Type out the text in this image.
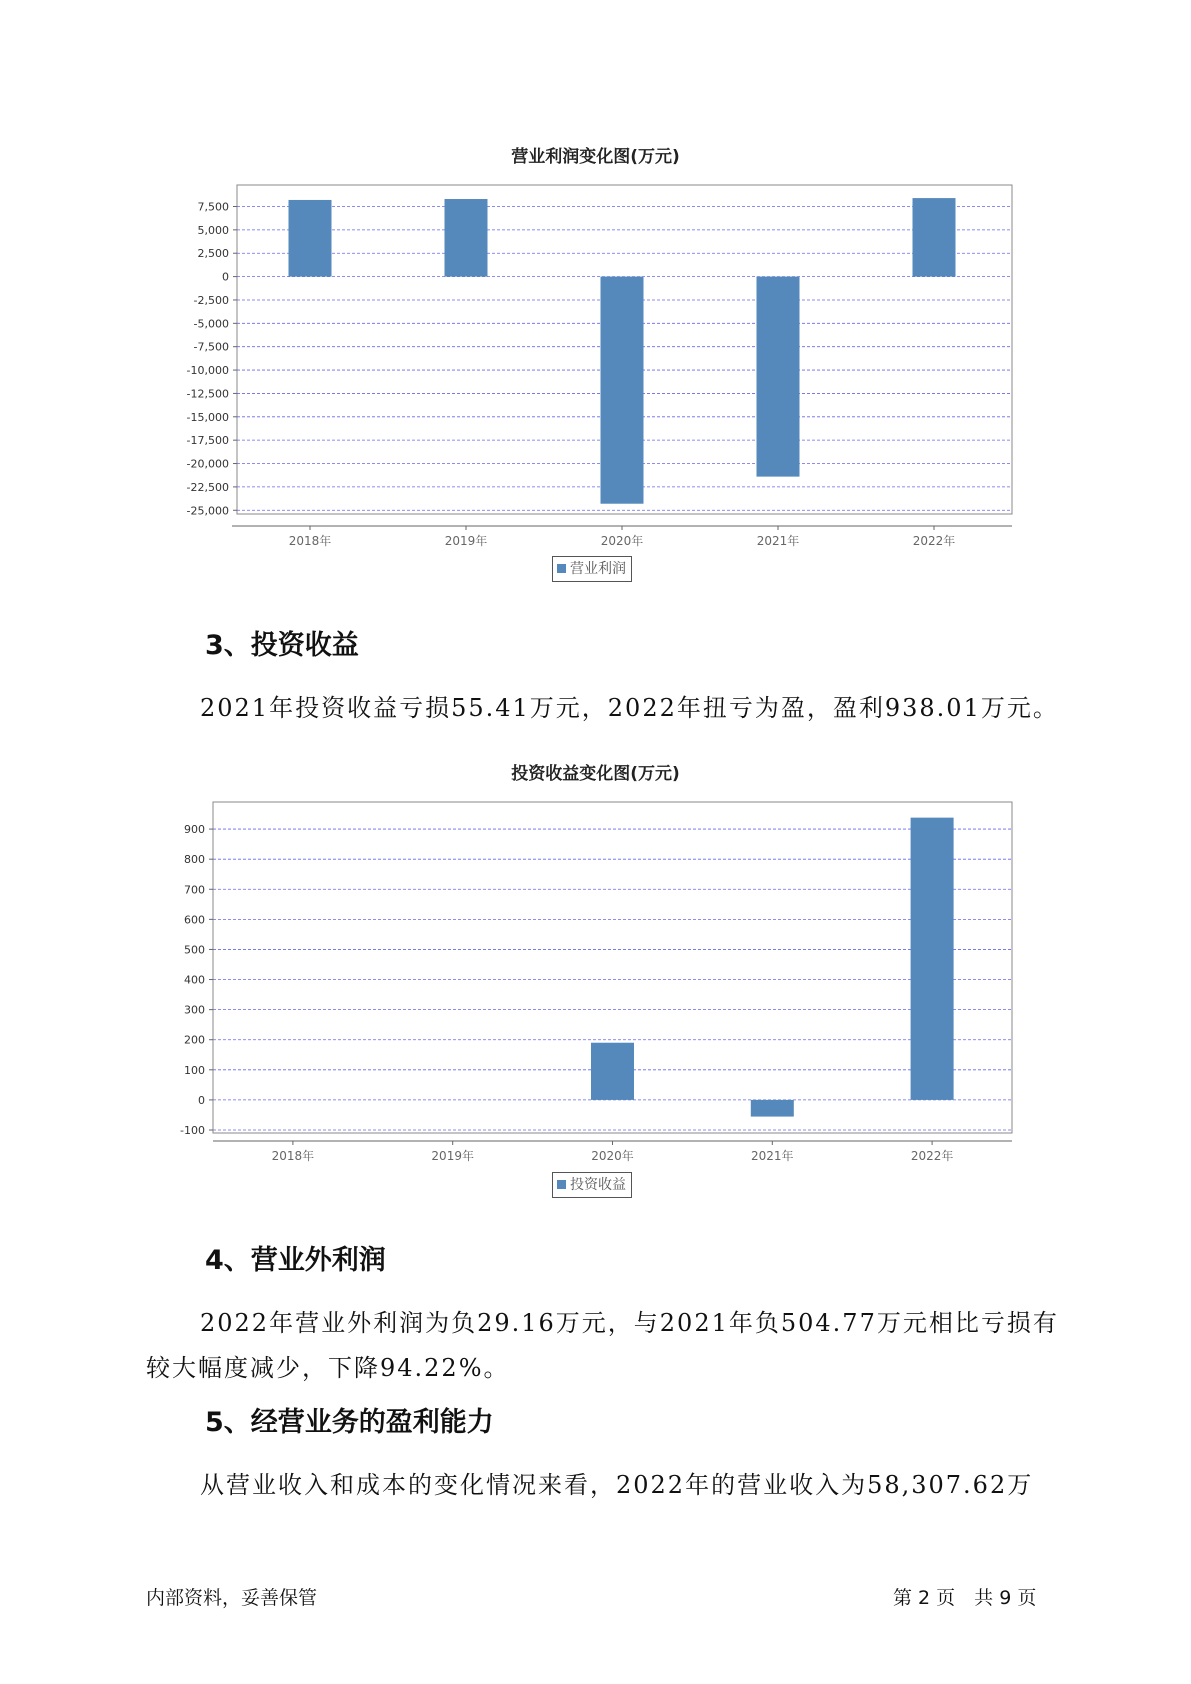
营业利润变化图(万元)
7,500
5,000
2,500
0
-2,500
-5,000
-7,500
-10,000
-12,500
-15,000
-17,500
-20,000
-22,500
-25,000
2018年	2019年	2020年	2021年	2022年
营业利润
3、投资收益
2021年投资收益亏损55.41万元，2022年扭亏为盈，盈利938.01万元。
投资收益变化图(万元)
900
800
700
600
500
400
300
200
100
0
-100
2018年	2019年	2020年	2021年	2022年
投资收益
4、营业外利润
2022年营业外利润为负29.16万元，与2021年负504.77万元相比亏损有
较大幅度减少，下降94.22%。
5、经营业务的盈利能力
从营业收入和成本的变化情况来看，2022年的营业收入为58,307.62万
内部资料，妥善保管	第 2 页　共 9 页
